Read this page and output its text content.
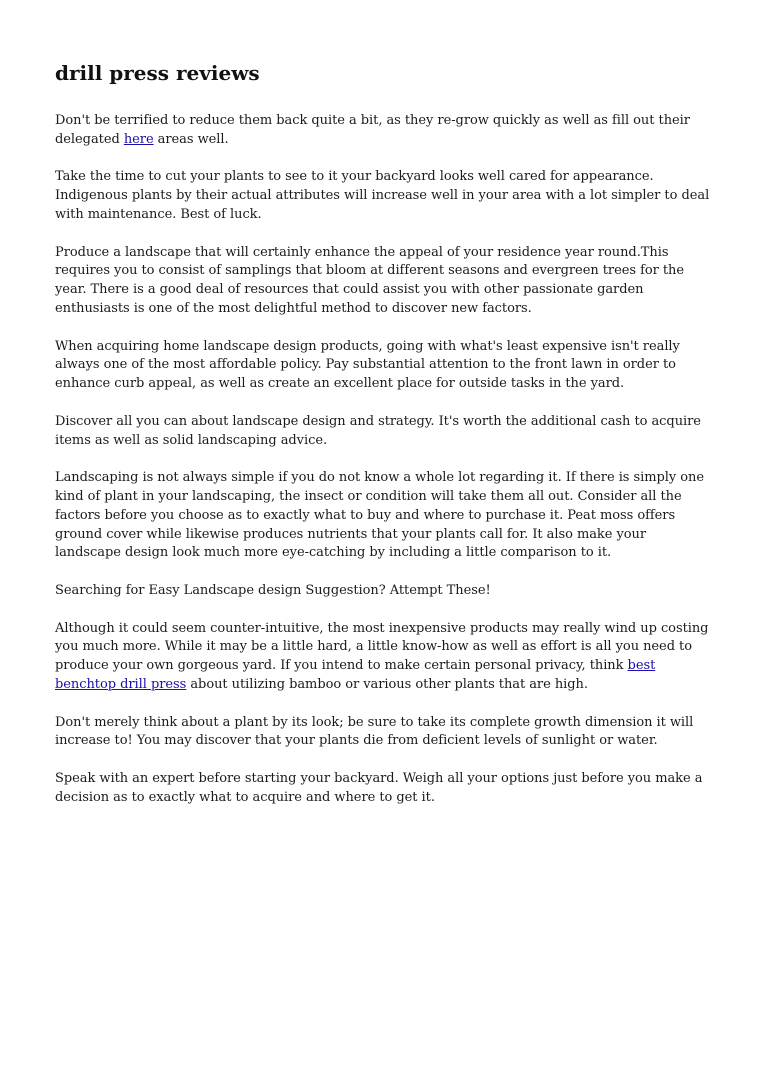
drill press reviews

Don't be terrified to reduce them back quite a bit, as they re-grow quickly as well as fill out their delegated here areas well.

Take the time to cut your plants to see to it your backyard looks well cared for appearance. Indigenous plants by their actual attributes will increase well in your area with a lot simpler to deal with maintenance. Best of luck.

Produce a landscape that will certainly enhance the appeal of your residence year round.This requires you to consist of samplings that bloom at different seasons and evergreen trees for the year. There is a good deal of resources that could assist you with other passionate garden enthusiasts is one of the most delightful method to discover new factors.

When acquiring home landscape design products, going with what's least expensive isn't really always one of the most affordable policy. Pay substantial attention to the front lawn in order to enhance curb appeal, as well as create an excellent place for outside tasks in the yard.

Discover all you can about landscape design and strategy. It's worth the additional cash to acquire items as well as solid landscaping advice.

Landscaping is not always simple if you do not know a whole lot regarding it. If there is simply one kind of plant in your landscaping, the insect or condition will take them all out. Consider all the factors before you choose as to exactly what to buy and where to purchase it. Peat moss offers ground cover while likewise produces nutrients that your plants call for. It also make your landscape design look much more eye-catching by including a little comparison to it.

Searching for Easy Landscape design Suggestion? Attempt These!

Although it could seem counter-intuitive, the most inexpensive products may really wind up costing you much more. While it may be a little hard, a little know-how as well as effort is all you need to produce your own gorgeous yard. If you intend to make certain personal privacy, think best benchtop drill press about utilizing bamboo or various other plants that are high.

Don't merely think about a plant by its look; be sure to take its complete growth dimension it will increase to! You may discover that your plants die from deficient levels of sunlight or water.

Speak with an expert before starting your backyard. Weigh all your options just before you make a decision as to exactly what to acquire and where to get it.
